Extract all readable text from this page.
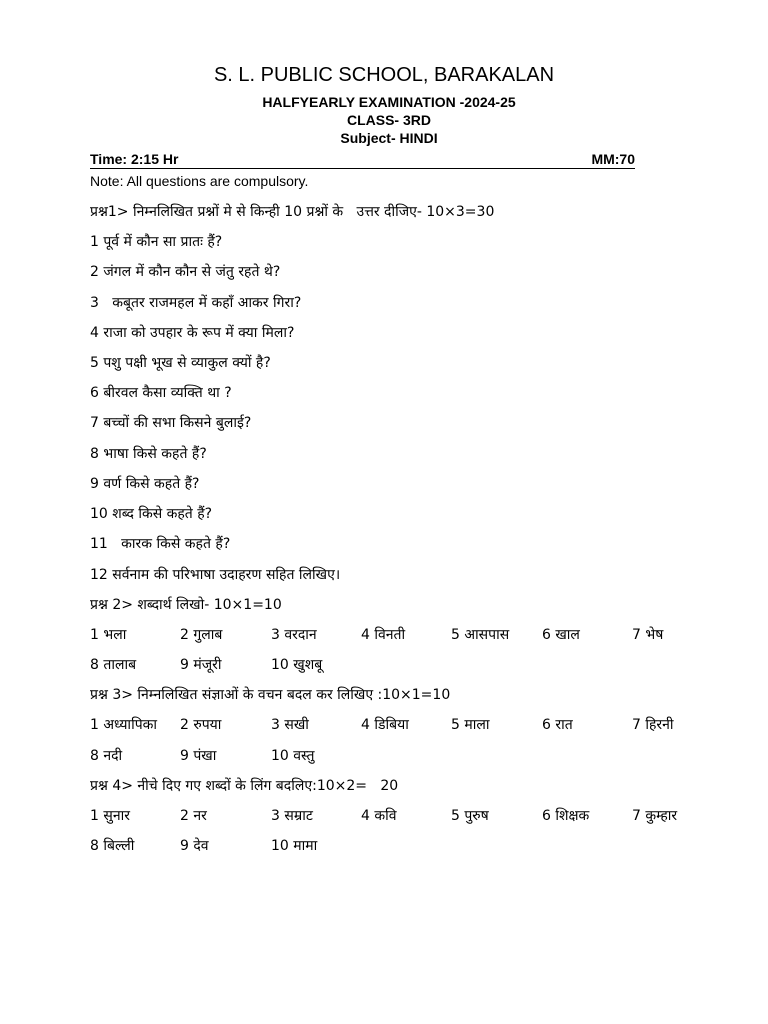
S. L. PUBLIC SCHOOL, BARAKALAN
HALFYEARLY EXAMINATION -2024-25
CLASS- 3RD
Subject- HINDI
Time: 2:15 Hr	MM:70
Note: All questions are compulsory.
प्रश्न1> निम्नलिखित प्रश्नों मे से किन्ही 10 प्रश्नों के   उत्तर दीजिए- 10×3=30
1 पूर्व में कौन सा प्रातः हैं?
2 जंगल में कौन कौन से जंतु रहते थे?
3   कबूतर राजमहल में कहाँ आकर गिरा?
4 राजा को उपहार के रूप में क्या मिला?
5 पशु पक्षी भूख से व्याकुल क्यों है?
6 बीरवल कैसा व्यक्ति था ?
7 बच्चों की सभा किसने बुलाई?
8 भाषा किसे कहते हैं?
9 वर्ण किसे कहते हैं?
10 शब्द किसे कहते हैं?
11   कारक किसे कहते हैं?
12 सर्वनाम की परिभाषा उदाहरण सहित लिखिए।
प्रश्न 2> शब्दार्थ लिखो- 10×1=10
1 भला	2 गुलाब	3 वरदान	4 विनती	5 आसपास 6 खाल	7 भेष
8 तालाब	9 मंजूरी	10 खुशबू
प्रश्न 3> निम्नलिखित संज्ञाओं के वचन बदल कर लिखिए :10×1=10
1 अध्यापिका 2 रुपया	3 सखी	4 डिबिया	5 माला	6 रात	7 हिरनी
8 नदी	9 पंखा	10 वस्तु
प्रश्न 4> नीचे दिए गए शब्दों के लिंग बदलिए:10×2=   20
1 सुनार	2 नर	3 सम्राट	4 कवि	5 पुरुष	6 शिक्षक	7 कुम्हार
8 बिल्ली	9 देव	10 मामा
